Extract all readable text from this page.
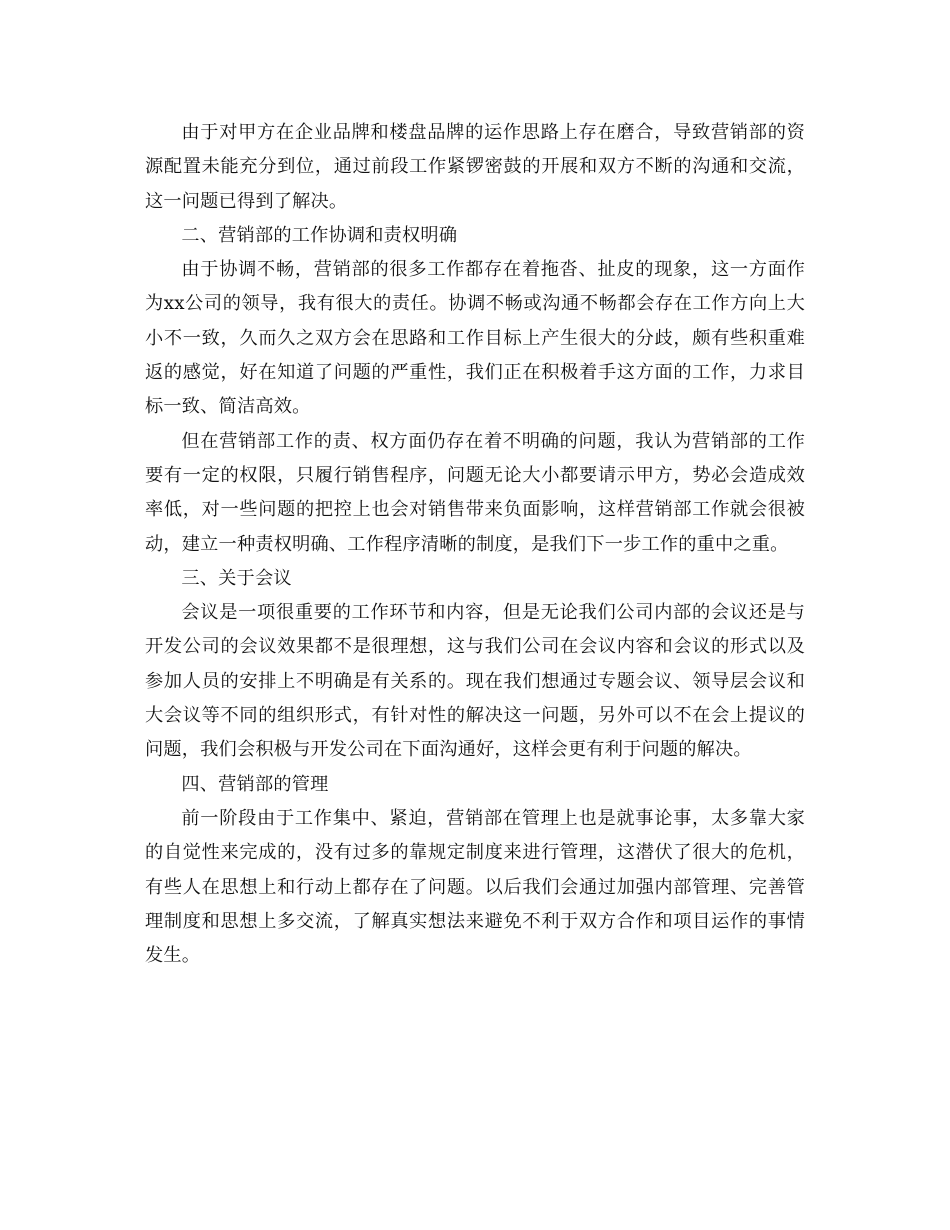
由于对甲方在企业品牌和楼盘品牌的运作思路上存在磨合，导致营销部的资源配置未能充分到位，通过前段工作紧锣密鼓的开展和双方不断的沟通和交流，这一问题已得到了解决。

二、营销部的工作协调和责权明确

由于协调不畅，营销部的很多工作都存在着拖沓、扯皮的现象，这一方面作为xx公司的领导，我有很大的责任。协调不畅或沟通不畅都会存在工作方向上大小不一致，久而久之双方会在思路和工作目标上产生很大的分歧，颇有些积重难返的感觉，好在知道了问题的严重性，我们正在积极着手这方面的工作，力求目标一致、简洁高效。

但在营销部工作的责、权方面仍存在着不明确的问题，我认为营销部的工作要有一定的权限，只履行销售程序，问题无论大小都要请示甲方，势必会造成效率低，对一些问题的把控上也会对销售带来负面影响，这样营销部工作就会很被动，建立一种责权明确、工作程序清晰的制度，是我们下一步工作的重中之重。

三、关于会议

会议是一项很重要的工作环节和内容，但是无论我们公司内部的会议还是与开发公司的会议效果都不是很理想，这与我们公司在会议内容和会议的形式以及参加人员的安排上不明确是有关系的。现在我们想通过专题会议、领导层会议和大会议等不同的组织形式，有针对性的解决这一问题，另外可以不在会上提议的问题，我们会积极与开发公司在下面沟通好，这样会更有利于问题的解决。

四、营销部的管理

前一阶段由于工作集中、紧迫，营销部在管理上也是就事论事，太多靠大家的自觉性来完成的，没有过多的靠规定制度来进行管理，这潜伏了很大的危机，有些人在思想上和行动上都存在了问题。以后我们会通过加强内部管理、完善管理制度和思想上多交流，了解真实想法来避免不利于双方合作和项目运作的事情发生。
